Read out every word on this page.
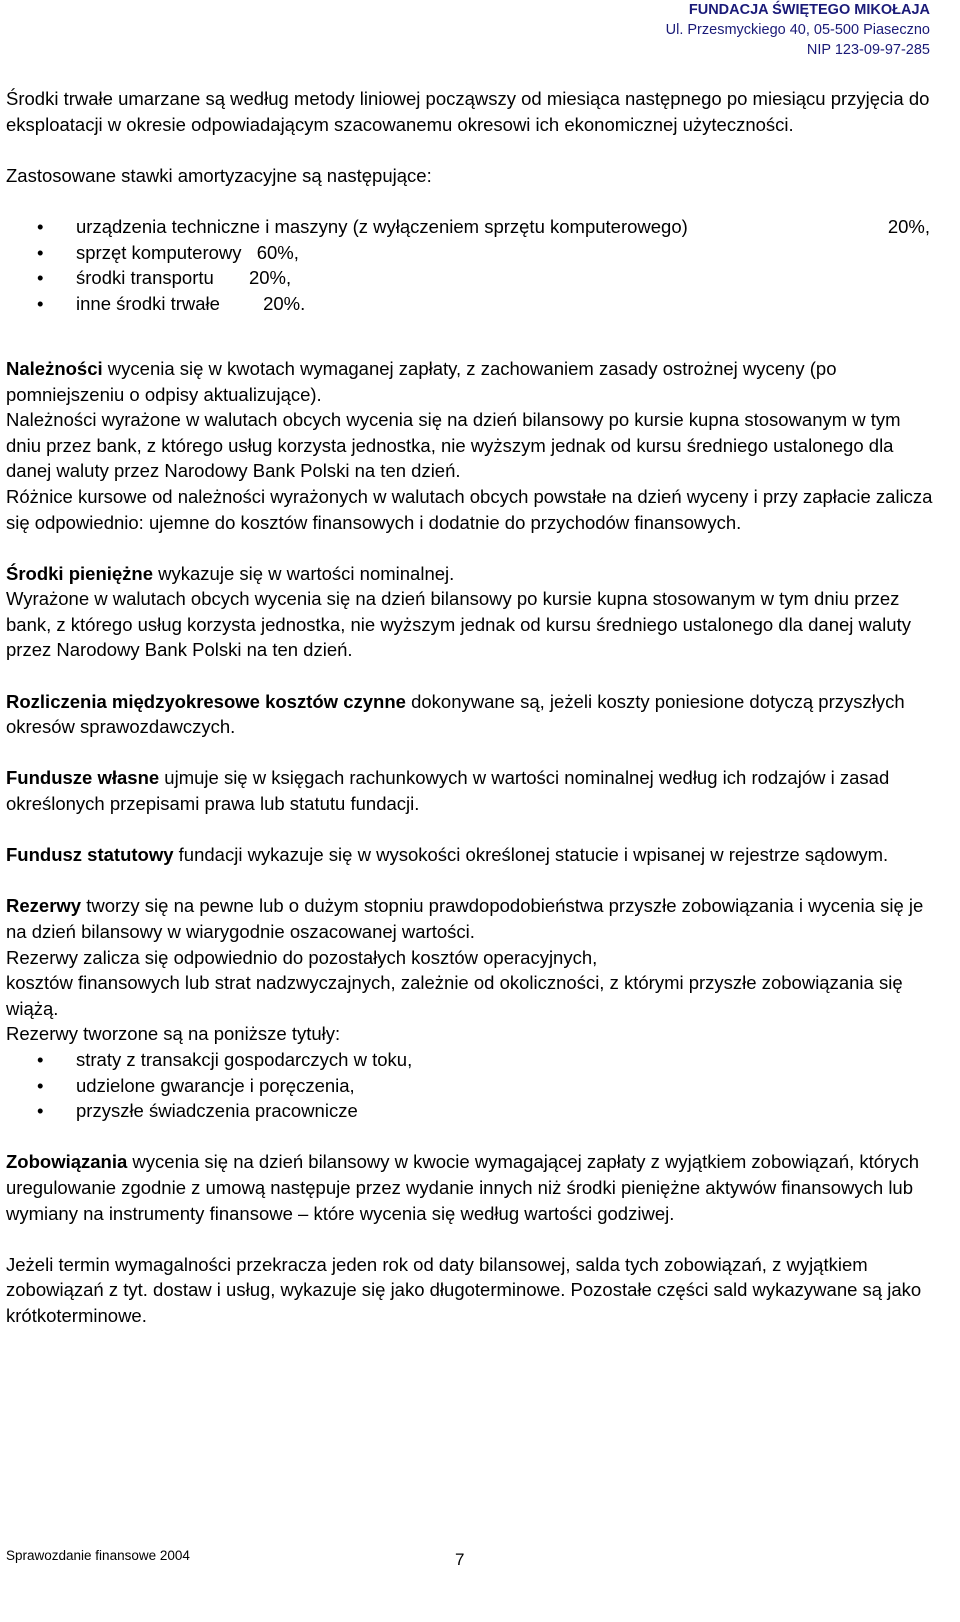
FUNDACJA ŚWIĘTEGO MIKOŁAJA
Ul. Przesmyckiego 40, 05-500 Piaseczno
NIP 123-09-97-285

Środki trwałe umarzane są według metody liniowej począwszy od miesiąca następnego po miesiącu przyjęcia do eksploatacji w okresie odpowiadającym szacowanemu okresowi ich ekonomicznej użyteczności.

Zastosowane stawki amortyzacyjne są następujące:

• urządzenia techniczne i maszyny (z wyłączeniem sprzętu komputerowego)	20%,
• sprzęt komputerowy 60%,
• środki transportu 20%,
• inne środki trwałe 20%.

Należności wycenia się w kwotach wymaganej zapłaty, z zachowaniem zasady ostrożnej wyceny (po pomniejszeniu o odpisy aktualizujące).

Należności wyrażone w walutach obcych wycenia się na dzień bilansowy po kursie kupna stosowanym w tym dniu przez bank, z którego usług korzysta jednostka, nie wyższym jednak od kursu średniego ustalonego dla danej waluty przez Narodowy Bank Polski na ten dzień.

Różnice kursowe od należności wyrażonych w walutach obcych powstałe na dzień wyceny i przy zapłacie zalicza się odpowiednio: ujemne do kosztów finansowych i dodatnie do przychodów finansowych.

Środki pieniężne wykazuje się w wartości nominalnej.

Wyrażone w walutach obcych wycenia się na dzień bilansowy po kursie kupna stosowanym w tym dniu przez bank, z którego usług korzysta jednostka, nie wyższym jednak od kursu średniego ustalonego dla danej waluty przez Narodowy Bank Polski na ten dzień.

Rozliczenia międzyokresowe kosztów czynne dokonywane są, jeżeli koszty poniesione dotyczą przyszłych okresów sprawozdawczych.

Fundusze własne ujmuje się w księgach rachunkowych w wartości nominalnej według ich rodzajów i zasad określonych przepisami prawa lub statutu fundacji.

Fundusz statutowy fundacji wykazuje się w wysokości określonej statucie i wpisanej w rejestrze sądowym.

Rezerwy tworzy się na pewne lub o dużym stopniu prawdopodobieństwa przyszłe zobowiązania i wycenia się je na dzień bilansowy w wiarygodnie oszacowanej wartości.

Rezerwy zalicza się odpowiednio do pozostałych kosztów operacyjnych,

kosztów finansowych lub strat nadzwyczajnych, zależnie od okoliczności, z którymi przyszłe zobowiązania się wiążą.

Rezerwy tworzone są na poniższe tytuły:

• straty z transakcji gospodarczych w toku,
• udzielone gwarancje i poręczenia,
• przyszłe świadczenia pracownicze

Zobowiązania wycenia się na dzień bilansowy w kwocie wymagającej zapłaty z wyjątkiem zobowiązań, których uregulowanie zgodnie z umową następuje przez wydanie innych niż środki pieniężne aktywów finansowych lub wymiany na instrumenty finansowe – które wycenia się według wartości godziwej.

Jeżeli termin wymagalności przekracza jeden rok od daty bilansowej, salda tych zobowiązań, z wyjątkiem zobowiązań z tyt. dostaw i usług, wykazuje się jako długoterminowe. Pozostałe części sald wykazywane są jako krótkoterminowe.

Sprawozdanie finansowe 2004	7
